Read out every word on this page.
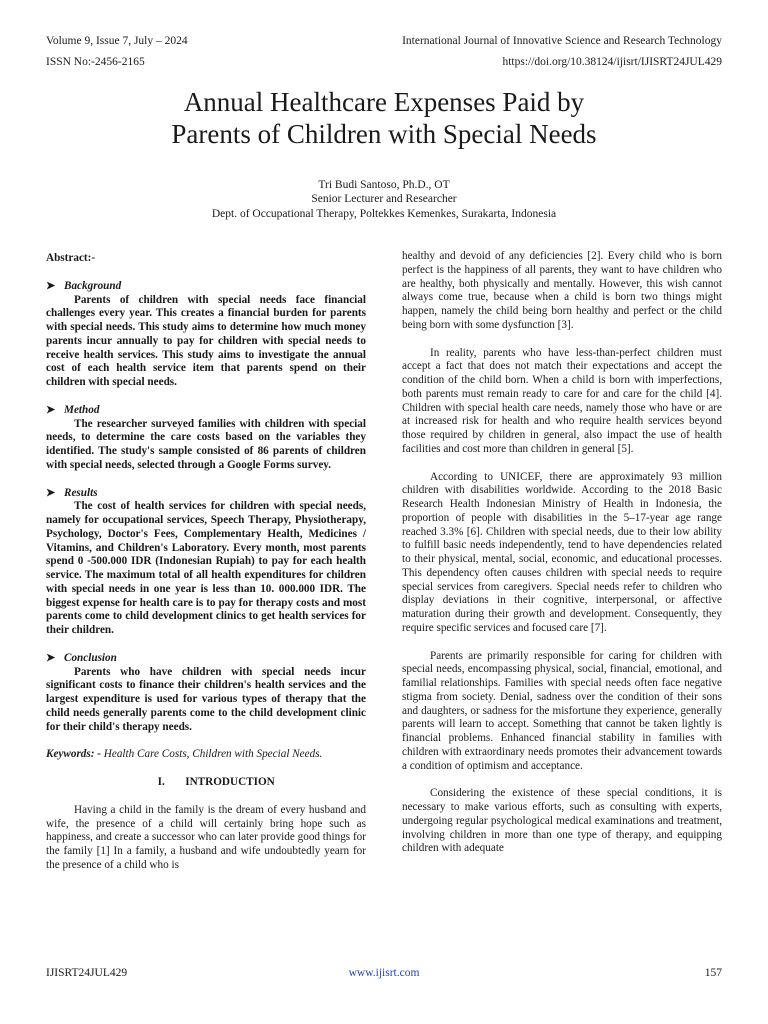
Volume 9, Issue 7, July – 2024	International Journal of Innovative Science and Research Technology
ISSN No:-2456-2165	https://doi.org/10.38124/ijisrt/IJISRT24JUL429
Annual Healthcare Expenses Paid by
Parents of Children with Special Needs
Tri Budi Santoso, Ph.D., OT
Senior Lecturer and Researcher
Dept. of Occupational Therapy, Poltekkes Kemenkes, Surakarta, Indonesia

Abstract:-

➤ Background

Parents of children with special needs face financial challenges every year. This creates a financial burden for parents with special needs. This study aims to determine how much money parents incur annually to pay for children with special needs to receive health services. This study aims to investigate the annual cost of each health service item that parents spend on their children with special needs.

➤ Method

The researcher surveyed families with children with special needs, to determine the care costs based on the variables they identified. The study's sample consisted of 86 parents of children with special needs, selected through a Google Forms survey.

➤ Results

The cost of health services for children with special needs, namely for occupational services, Speech Therapy, Physiotherapy, Psychology, Doctor's Fees, Complementary Health, Medicines / Vitamins, and Children's Laboratory. Every month, most parents spend 0 -500.000 IDR (Indonesian Rupiah) to pay for each health service. The maximum total of all health expenditures for children with special needs in one year is less than 10. 000.000 IDR. The biggest expense for health care is to pay for therapy costs and most parents come to child development clinics to get health services for their children.

➤ Conclusion

Parents who have children with special needs incur significant costs to finance their children's health services and the largest expenditure is used for various types of therapy that the child needs generally parents come to the child development clinic for their child's therapy needs.

Keywords: - Health Care Costs, Children with Special Needs.

I. INTRODUCTION

Having a child in the family is the dream of every husband and wife, the presence of a child will certainly bring hope such as happiness, and create a successor who can later provide good things for the family [1] In a family, a husband and wife undoubtedly yearn for the presence of a child who is

healthy and devoid of any deficiencies [2]. Every child who is born perfect is the happiness of all parents, they want to have children who are healthy, both physically and mentally. However, this wish cannot always come true, because when a child is born two things might happen, namely the child being born healthy and perfect or the child being born with some dysfunction [3].

In reality, parents who have less-than-perfect children must accept a fact that does not match their expectations and accept the condition of the child born. When a child is born with imperfections, both parents must remain ready to care for and care for the child [4]. Children with special health care needs, namely those who have or are at increased risk for health and who require health services beyond those required by children in general, also impact the use of health facilities and cost more than children in general [5].

According to UNICEF, there are approximately 93 million children with disabilities worldwide. According to the 2018 Basic Research Health Indonesian Ministry of Health in Indonesia, the proportion of people with disabilities in the 5–17-year age range reached 3.3% [6]. Children with special needs, due to their low ability to fulfill basic needs independently, tend to have dependencies related to their physical, mental, social, economic, and educational processes. This dependency often causes children with special needs to require special services from caregivers. Special needs refer to children who display deviations in their cognitive, interpersonal, or affective maturation during their growth and development. Consequently, they require specific services and focused care [7].

Parents are primarily responsible for caring for children with special needs, encompassing physical, social, financial, emotional, and familial relationships. Families with special needs often face negative stigma from society. Denial, sadness over the condition of their sons and daughters, or sadness for the misfortune they experience, generally parents will learn to accept. Something that cannot be taken lightly is financial problems. Enhanced financial stability in families with children with extraordinary needs promotes their advancement towards a condition of optimism and acceptance.

Considering the existence of these special conditions, it is necessary to make various efforts, such as consulting with experts, undergoing regular psychological medical examinations and treatment, involving children in more than one type of therapy, and equipping children with adequate

IJISRT24JUL429	www.ijisrt.com	157
